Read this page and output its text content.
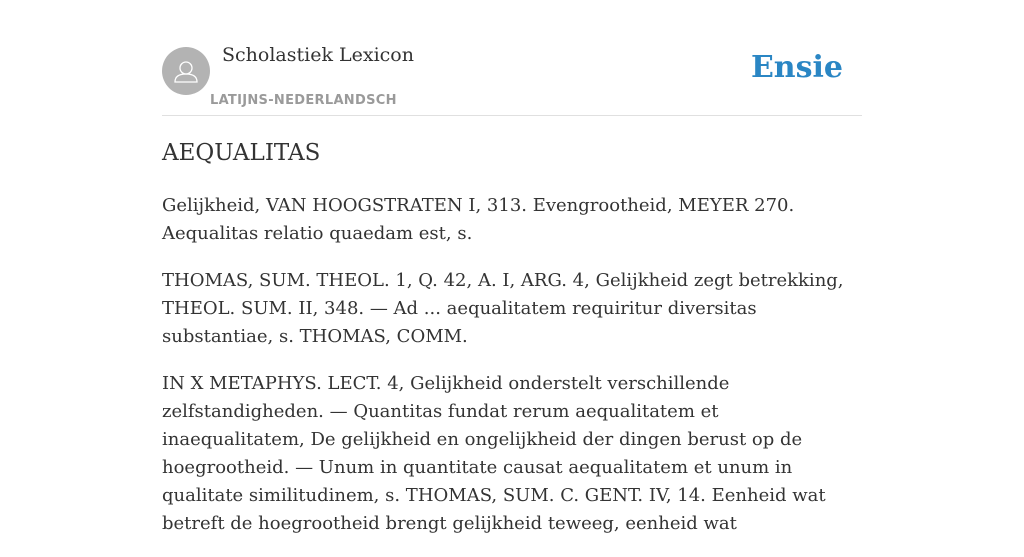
Scholastiek Lexicon
LATIJNS-NEDERLANDSCH
Ensie
AEQUALITAS

Gelijkheid, VAN HOOGSTRATEN I, 313. Evengrootheid, MEYER 270. Aequalitas relatio quaedam est, s.

THOMAS, SUM. THEOL. 1, Q. 42, A. I, ARG. 4, Gelijkheid zegt betrekking, THEOL. SUM. II, 348. — Ad ... aequalitatem requiritur diversitas substantiae, s. THOMAS, COMM.

IN X METAPHYS. LECT. 4, Gelijkheid onderstelt verschillende zelfstandigheden. — Quantitas fundat rerum aequalitatem et inaequalitatem, De gelijkheid en ongelijkheid der dingen berust op de hoegrootheid. — Unum in quantitate causat aequalitatem et unum in qualitate similitudinem, s. THOMAS, SUM. C. GENT. IV, 14. Eenheid wat betreft de hoegrootheid brengt gelijkheid teweeg, eenheid wat
